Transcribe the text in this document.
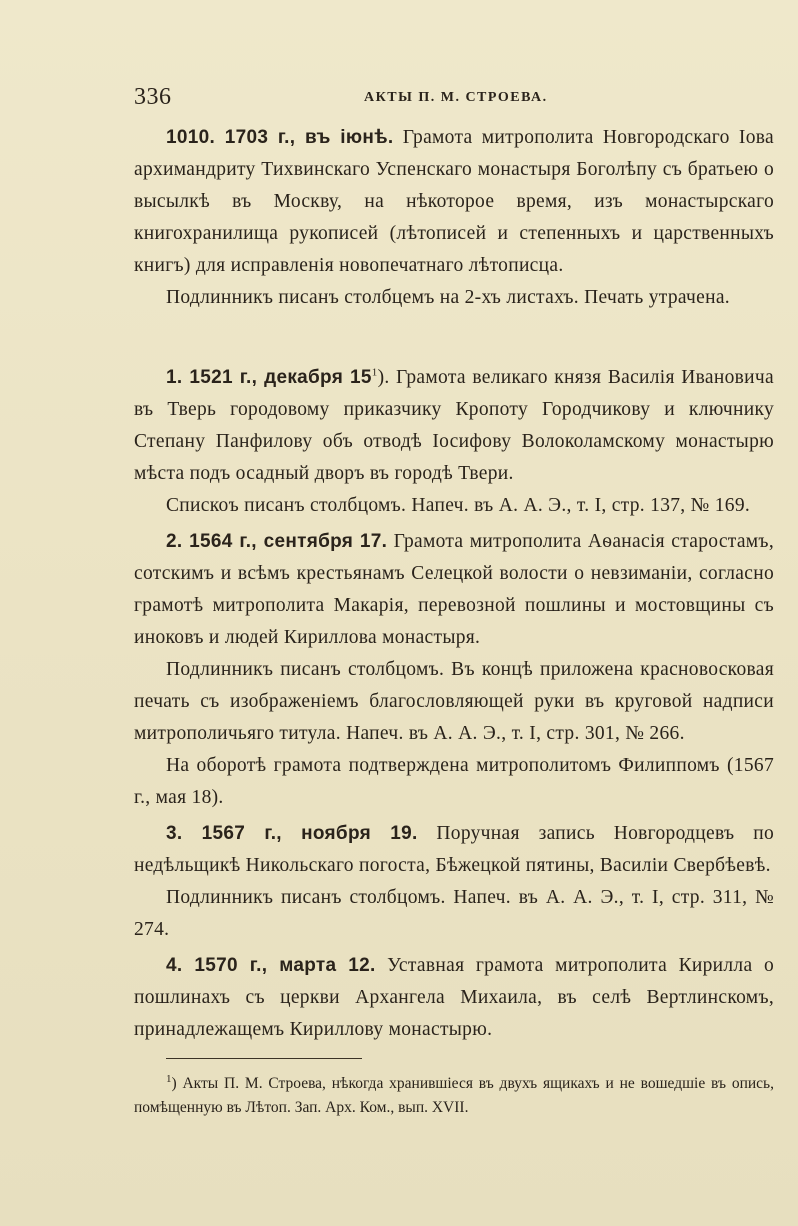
336	АКТЫ П. М. СТРОЕВА.

1010. 1703 г., въ іюнѣ. Грамота митрополита Новгородскаго Іова архимандриту Тихвинскаго Успенскаго монастыря Боголѣпу съ братьею о высылкѣ въ Москву, на нѣкоторое время, изъ монастырскаго книгохранилища рукописей (лѣтописей и степенныхъ и царственныхъ книгъ) для исправленія новопечатнаго лѣтописца.

Подлинникъ писанъ столбцемъ на 2-хъ листахъ. Печать утрачена.

1. 1521 г., декабря $15^1$). Грамота великаго князя Василія Ивановича въ Тверь городовому приказчику Кропоту Городчикову и ключнику Степану Панфилову объ отводѣ Іосифову Волоколамскому монастырю мѣста подъ осадный дворъ въ городѣ Твери.

Спискоъ писанъ столбцомъ. Напеч. въ А. А. Э., т. I, стр. 137, № 169.

2. 1564 г., сентября 17. Грамота митрополита Аѳанасія старостамъ, сотскимъ и всѣмъ крестьянамъ Селецкой волости о невзиманіи, согласно грамотѣ митрополита Макарія, перевозной пошлины и мостовщины съ иноковъ и людей Кириллова монастыря.

Подлинникъ писанъ столбцомъ. Въ концѣ приложена красновосковая печать съ изображеніемъ благословляющей руки въ круговой надписи митрополичьяго титула. Напеч. въ А. А. Э., т. I, стр. 301, № 266.

На оборотѣ грамота подтверждена митрополитомъ Филиппомъ (1567 г., мая 18).

3. 1567 г., ноября 19. Поручная запись Новгородцевъ по недѣльщикѣ Никольскаго погоста, Бѣжецкой пятины, Василіи Свербѣевѣ.

Подлинникъ писанъ столбцомъ. Напеч. въ А. А. Э., т. I, стр. 311, № 274.

4. 1570 г., марта 12. Уставная грамота митрополита Кирилла о пошлинахъ съ церкви Архангела Михаила, въ селѣ Вертлинскомъ, принадлежащемъ Кириллову монастырю.

$^1$) Акты П. М. Строева, нѣкогда хранившіеся въ двухъ ящикахъ и не вошедшіе въ опись, помѣщенную въ Лѣтоп. Зап. Арх. Ком., вып. XVII.
